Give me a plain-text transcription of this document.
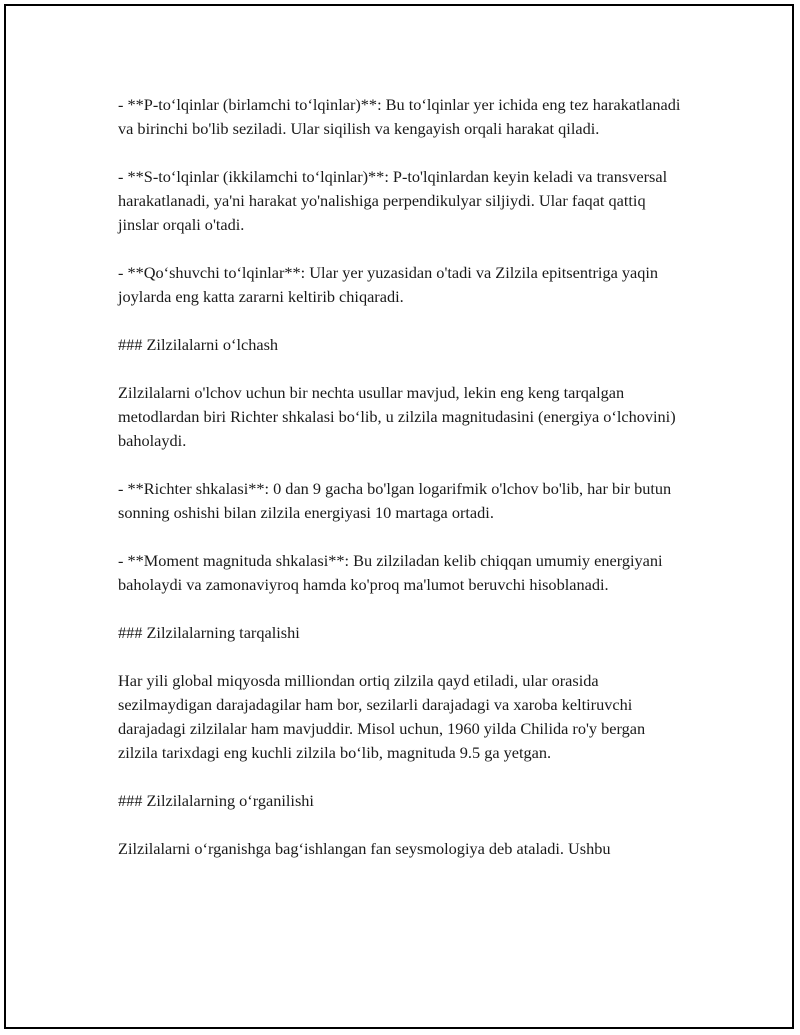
- **P-to‘lqinlar (birlamchi to‘lqinlar)**: Bu to‘lqinlar yer ichida eng tez harakatlanadi va birinchi bo'lib seziladi. Ular siqilish va kengayish orqali harakat qiladi.

- **S-to‘lqinlar (ikkilamchi to‘lqinlar)**: P-to'lqinlardan keyin keladi va transversal harakatlanadi, ya'ni harakat yo'nalishiga perpendikulyar siljiydi. Ular faqat qattiq jinslar orqali o'tadi.

- **Qo‘shuvchi to‘lqinlar**: Ular yer yuzasidan o'tadi va Zilzila epitsentriga yaqin joylarda eng katta zararni keltirib chiqaradi.

### Zilzilalarni o‘lchash

Zilzilalarni o'lchov uchun bir nechta usullar mavjud, lekin eng keng tarqalgan metodlardan biri Richter shkalasi bo‘lib, u zilzila magnitudasini (energiya o‘lchovini) baholaydi.

- **Richter shkalasi**: 0 dan 9 gacha bo'lgan logarifmik o'lchov bo'lib, har bir butun sonning oshishi bilan zilzila energiyasi 10 martaga ortadi.

- **Moment magnituda shkalasi**: Bu zilziladan kelib chiqqan umumiy energiyani baholaydi va zamonaviyroq hamda ko'proq ma'lumot beruvchi hisoblanadi.

### Zilzilalarning tarqalishi

Har yili global miqyosda milliondan ortiq zilzila qayd etiladi, ular orasida sezilmaydigan darajadagilar ham bor, sezilarli darajadagi va xaroba keltiruvchi darajadagi zilzilalar ham mavjuddir. Misol uchun, 1960 yilda Chilida ro'y bergan zilzila tarixdagi eng kuchli zilzila bo‘lib, magnituda 9.5 ga yetgan.

### Zilzilalarning o‘rganilishi

Zilzilalarni o‘rganishga bag‘ishlangan fan seysmologiya deb ataladi. Ushbu
